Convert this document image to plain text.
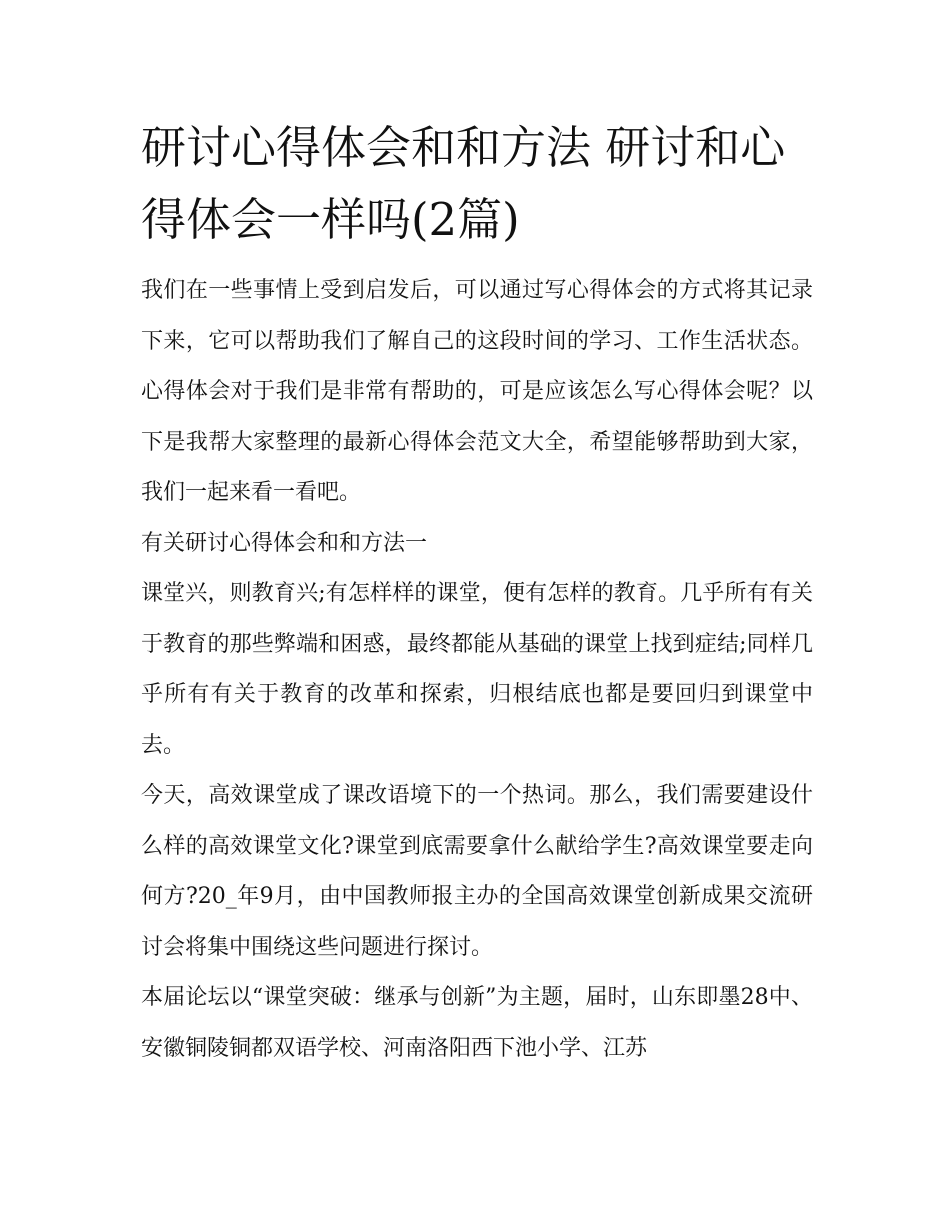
研讨心得体会和和方法 研讨和心得体会一样吗(2篇)

我们在一些事情上受到启发后，可以通过写心得体会的方式将其记录下来，它可以帮助我们了解自己的这段时间的学习、工作生活状态。心得体会对于我们是非常有帮助的，可是应该怎么写心得体会呢？以下是我帮大家整理的最新心得体会范文大全，希望能够帮助到大家，我们一起来看一看吧。

有关研讨心得体会和和方法一

课堂兴，则教育兴;有怎样样的课堂，便有怎样的教育。几乎所有有关于教育的那些弊端和困惑，最终都能从基础的课堂上找到症结;同样几乎所有有关于教育的改革和探索，归根结底也都是要回归到课堂中去。

今天，高效课堂成了课改语境下的一个热词。那么，我们需要建设什么样的高效课堂文化?课堂到底需要拿什么献给学生?高效课堂要走向何方?20_年9月，由中国教师报主办的全国高效课堂创新成果交流研讨会将集中围绕这些问题进行探讨。

本届论坛以“课堂突破：继承与创新”为主题，届时，山东即墨28中、安徽铜陵铜都双语学校、河南洛阳西下池小学、江苏
